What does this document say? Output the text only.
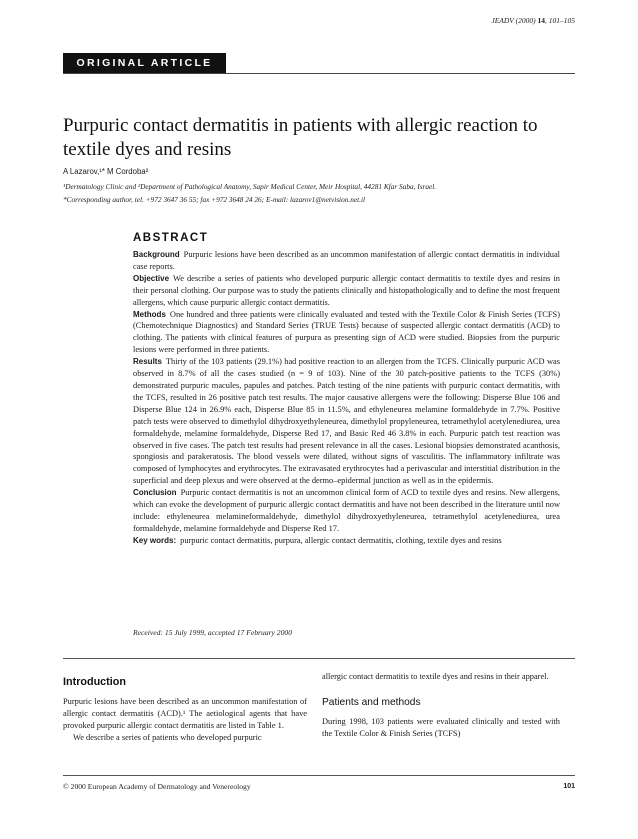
JEADV (2000) 14, 101–105
ORIGINAL ARTICLE
Purpuric contact dermatitis in patients with allergic reaction to textile dyes and resins
A Lazarov,¹* M Cordoba²
¹Dermatology Clinic and ²Department of Pathological Anatomy, Sapir Medical Center, Meir Hospital, 44281 Kfar Saba, Israel.
*Corresponding author, tel. +972 3647 36 55; fax +972 3648 24 26; E-mail: lazarov1@netvision.net.il
ABSTRACT

Background Purpuric lesions have been described as an uncommon manifestation of allergic contact dermatitis in individual case reports.

Objective We describe a series of patients who developed purpuric allergic contact dermatitis to textile dyes and resins in their personal clothing. Our purpose was to study the patients clinically and histopathologically and to define the most frequent allergens, which cause purpuric allergic contact dermatitis.

Methods One hundred and three patients were clinically evaluated and tested with the Textile Color & Finish Series (TCFS) (Chemotechnique Diagnostics) and Standard Series (TRUE Tests) because of suspected allergic contact dermatitis (ACD) to clothing. The patients with clinical features of purpura as presenting sign of ACD were studied. Biopsies from the purpuric lesions were performed in three patients.

Results Thirty of the 103 patients (29.1%) had positive reaction to an allergen from the TCFS. Clinically purpuric ACD was observed in 8.7% of all the cases studied (n = 9 of 103). Nine of the 30 patch-positive patients to the TCFS (30%) demonstrated purpuric macules, papules and patches. Patch testing of the nine patients with purpuric contact dermatitis, with the TCFS, resulted in 26 positive patch test results. The major causative allergens were the following: Disperse Blue 106 and Disperse Blue 124 in 26.9% each, Disperse Blue 85 in 11.5%, and ethyleneurea melamine formaldehyde in 7.7%. Positive patch tests were observed to dimethylol dihydroxyethyleneurea, dimethylol propyleneurea, tetramethylol acetylenediurea, urea formaldehyde, melamine formaldehyde, Disperse Red 17, and Basic Red 46 3.8% in each. Purpuric patch test reaction was observed in five cases. The patch test results had present relevance in all the cases. Lesional biopsies demonstrated acanthosis, spongiosis and parakeratosis. The blood vessels were dilated, without signs of vasculitis. The inflammatory infiltrate was composed of lymphocytes and erythrocytes. The extravasated erythrocytes had a perivascular and interstitial distribution in the superficial and deep plexus and were observed at the dermo–epidermal junction as well as in the epidermis.

Conclusion Purpuric contact dermatitis is not an uncommon clinical form of ACD to textile dyes and resins. New allergens, which can evoke the development of purpuric allergic contact dermatitis and have not been described in the literature until now include: ethyleneurea melamineformaldehyde, dimethylol dihydroxyethyleneurea, tetramethylol acetylenediurea, urea formaldehyde, melamine formaldehyde and Disperse Red 17.

Key words: purpuric contact dermatitis, purpura, allergic contact dermatitis, clothing, textile dyes and resins

Received: 15 July 1999, accepted 17 February 2000
Introduction

Purpuric lesions have been described as an uncommon manifestation of allergic contact dermatitis (ACD).¹ The aetiological agents that have provoked purpuric allergic contact dermatitis are listed in Table 1.

We describe a series of patients who developed purpuric

allergic contact dermatitis to textile dyes and resins in their apparel.

Patients and methods

During 1998, 103 patients were evaluated clinically and tested with the Textile Color & Finish Series (TCFS)

© 2000 European Academy of Dermatology and Venereology	101
